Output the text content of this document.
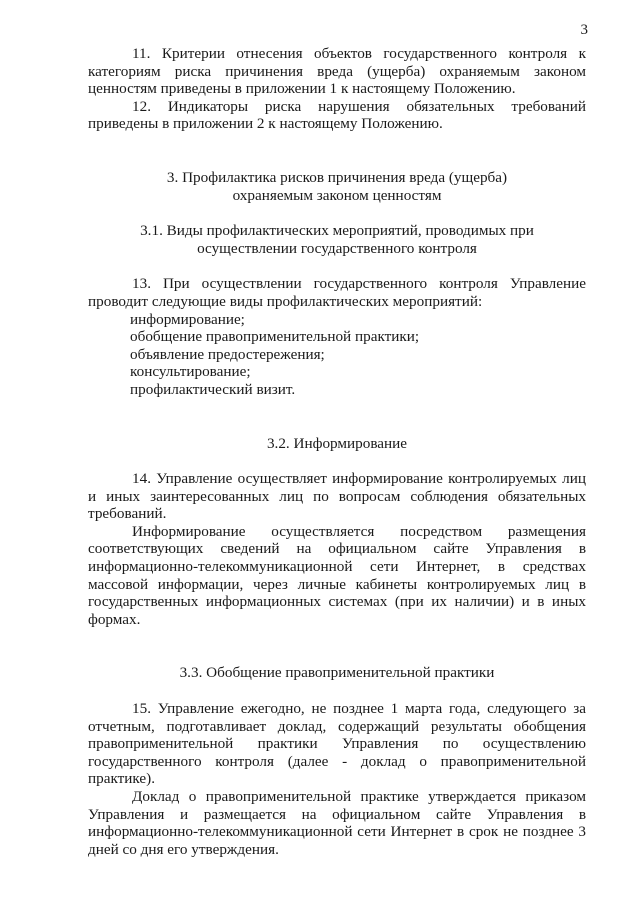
3

11. Критерии отнесения объектов государственного контроля к категориям риска причинения вреда (ущерба) охраняемым законом ценностям приведены в приложении 1 к настоящему Положению.

12. Индикаторы риска нарушения обязательных требований приведены в приложении 2 к настоящему Положению.

3. Профилактика рисков причинения вреда (ущерба)

охраняемым законом ценностям

3.1. Виды профилактических мероприятий, проводимых при

осуществлении государственного контроля

13. При осуществлении государственного контроля Управление проводит следующие виды профилактических мероприятий:

информирование;
обобщение правоприменительной практики;
объявление предостережения;
консультирование;
профилактический визит.

3.2. Информирование

14. Управление осуществляет информирование контролируемых лиц и иных заинтересованных лиц по вопросам соблюдения обязательных требований.

Информирование осуществляется посредством размещения соответствующих сведений на официальном сайте Управления в информационно-телекоммуникационной сети Интернет, в средствах массовой информации, через личные кабинеты контролируемых лиц в государственных информационных системах (при их наличии) и в иных формах.

3.3. Обобщение правоприменительной практики

15. Управление ежегодно, не позднее 1 марта года, следующего за отчетным, подготавливает доклад, содержащий результаты обобщения правоприменительной практики Управления по осуществлению государственного контроля (далее - доклад о правоприменительной практике).

Доклад о правоприменительной практике утверждается приказом Управления и размещается на официальном сайте Управления в информационно-телекоммуникационной сети Интернет в срок не позднее 3 дней со дня его утверждения.
